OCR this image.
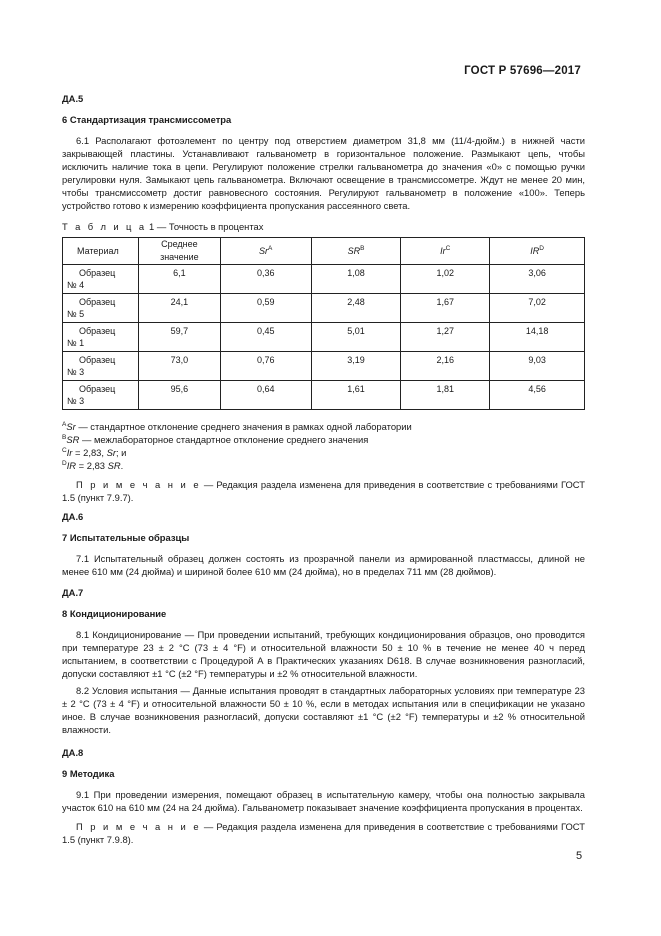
ГОСТ Р 57696—2017

ДА.5

6 Стандартизация трансмиссометра

6.1 Располагают фотоэлемент по центру под отверстием диаметром 31,8 мм (11/4-дюйм.) в нижней части закрывающей пластины. Устанавливают гальванометр в горизонтальное положение. Размыкают цепь, чтобы исключить наличие тока в цепи. Регулируют положение стрелки гальванометра до значения «0» с помощью ручки регулировки нуля. Замыкают цепь гальванометра. Включают освещение в трансмиссометре. Ждут не менее 20 мин, чтобы трансмиссометр достиг равновесного состояния. Регулируют гальванометр в положение «100». Теперь устройство готово к измерению коэффициента пропускания рассеянного света.

Т а б л и ц а 1 — Точность в процентах

Материал	Среднее значение	$Sr^A$	$SR^B$	$Ir^C$	$IR^D$

Образец
№ 4	6,1	0,36	1,08	1,02	3,06

Образец
№ 5	24,1	0,59	2,48	1,67	7,02

Образец
№ 1	59,7	0,45	5,01	1,27	14,18

Образец
№ 3	73,0	0,76	3,19	2,16	9,03

Образец
№ 3	95,6	0,64	1,61	1,81	4,56

$^A$Sr — стандартное отклонение среднего значения в рамках одной лаборатории

$^B$SR — межлабораторное стандартное отклонение среднего значения

$^C$Ir = 2,83, Sr; и

$^D$IR = 2,83 SR.

П р и м е ч а н и е — Редакция раздела изменена для приведения в соответствие с требованиями ГОСТ 1.5 (пункт 7.9.7).

ДА.6

7 Испытательные образцы

7.1 Испытательный образец должен состоять из прозрачной панели из армированной пластмассы, длиной не менее 610 мм (24 дюйма) и шириной более 610 мм (24 дюйма), но в пределах 711 мм (28 дюймов).

ДА.7

8 Кондиционирование

8.1 Кондиционирование — При проведении испытаний, требующих кондиционирования образцов, оно проводится при температуре 23 ± 2 °С (73 ± 4 °F) и относительной влажности 50 ± 10 % в течение не менее 40 ч перед испытанием, в соответствии с Процедурой А в Практических указаниях D618. В случае возникновения разногласий, допуски составляют ±1 °С (±2 °F) температуры и ±2 % относительной влажности.

8.2 Условия испытания — Данные испытания проводят в стандартных лабораторных условиях при температуре 23 ± 2 °С (73 ± 4 °F) и относительной влажности 50 ± 10 %, если в методах испытания или в спецификации не указано иное. В случае возникновения разногласий, допуски составляют ±1 °С (±2 °F) температуры и ±2 % относительной влажности.

ДА.8

9 Методика

9.1 При проведении измерения, помещают образец в испытательную камеру, чтобы она полностью закрывала участок 610 на 610 мм (24 на 24 дюйма). Гальванометр показывает значение коэффициента пропускания в процентах.

П р и м е ч а н и е — Редакция раздела изменена для приведения в соответствие с требованиями ГОСТ 1.5 (пункт 7.9.8).

5
